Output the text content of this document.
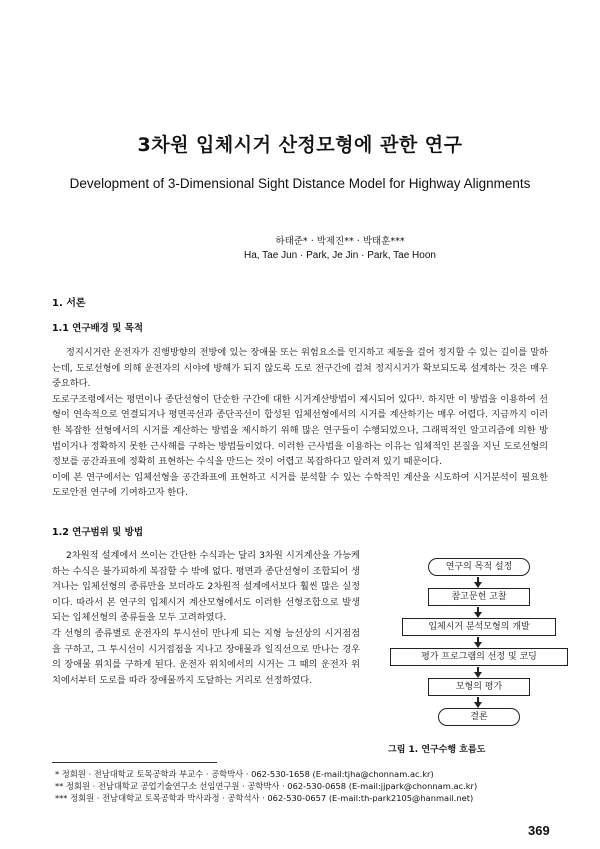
3차원 입체시거 산정모형에 관한 연구
Development of 3-Dimensional Sight Distance Model for Highway Alignments
하태준* · 박제진** · 박태훈***
Ha, Tae Jun · Park, Je Jin · Park, Tae Hoon
1. 서론
1.1 연구배경 및 목적

정지시거란 운전자가 진행방향의 전방에 있는 장애물 또는 위험요소를 인지하고 제동을 걸어 정지할 수 있는 길이를 말하는데, 도로선형에 의해 운전자의 시야에 방해가 되지 않도록 도로 전구간에 걸쳐 정지시거가 확보되도록 설계하는 것은 매우 중요하다.

도로구조령에서는 평면이나 종단선형이 단순한 구간에 대한 시거계산방법이 제시되어 있다¹⁾. 하지만 이 방법을 이용하여 선형이 연속적으로 연결되거나 평면곡선과 종단곡선이 합성된 입체선형에서의 시거를 계산하기는 매우 어렵다. 지금까지 이러한 복잡한 선형에서의 시거를 계산하는 방법을 제시하기 위해 많은 연구들이 수행되었으나, 그래픽적인 알고리즘에 의한 방법이거나 정확하지 못한 근사해를 구하는 방법들이었다. 이러한 근사법을 이용하는 이유는 입체적인 본질을 지닌 도로선형의 정보를 공간좌표에 정확히 표현하는 수식을 만드는 것이 어렵고 복잡하다고 알려져 있기 때문이다.

이에 본 연구에서는 입체선형을 공간좌표에 표현하고 시거를 분석할 수 있는 수학적인 계산을 시도하여 시거분석이 필요한 도로안전 연구에 기여하고자 한다.

1.2 연구범위 및 방법

2차원적 설계에서 쓰이는 간단한 수식과는 달리 3차원 시거계산을 가능케 하는 수식은 불가피하게 복잡할 수 밖에 없다. 평면과 종단선형이 조합되어 생겨나는 입체선형의 종류만을 보더라도 2차원적 설계에서보다 훨씬 많은 실정이다. 따라서 본 연구의 입체시거 계산모형에서도 이러한 선형조합으로 발생되는 입체선형의 종류들을 모두 고려하였다.

각 선형의 종류별로 운전자의 투시선이 만나게 되는 지형 능선상의 시거점점을 구하고, 그 투시선이 시거접점을 지나고 장애물과 일직선으로 만나는 경우의 장애물 위치를 구하게 된다. 운전자 위치에서의 시거는 그 때의 운전자 위치에서부터 도로를 따라 장애물까지 도달하는 거리로 선정하였다.

연구의 목적 설정
참고문헌 고찰
입체시거 분석모형의 개발
평가 프로그램의 선정 및 코딩
모형의 평가
결론
그림 1. 연구수행 흐름도
* 정회원 · 전남대학교 토목공학과 부교수 · 공학박사 · 062-530-1658 (E-mail:tjha@chonnam.ac.kr)
** 정회원 · 전남대학교 공업기술연구소 선임연구원 · 공학박사 · 062-530-0658 (E-mail:jjpark@chonnam.ac.kr)
*** 정회원 · 전남대학교 토목공학과 박사과정 · 공학석사 · 062-530-0657 (E-mail:th-park2105@hanmail.net)
369
